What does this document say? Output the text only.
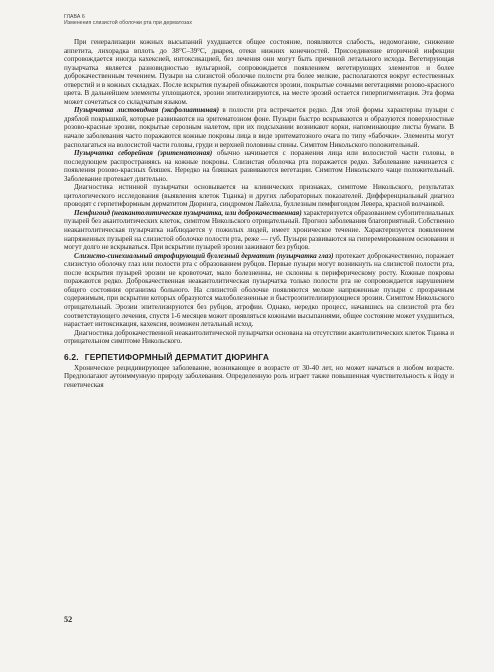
ГЛАВА 6
Изменения слизистой оболочки рта при дерматозах

При генерализации кожных высыпаний ухудшается общее состояние, появляются слабость, недомогание, снижение аппетита, лихорадка вплоть до 38°C–39°C, диарея, отеки нижних конечностей. Присоединение вторичной инфекции сопровождается иногда кахексией, интоксикацией, без лечения они могут быть причиной летального исхода. Вегетирующая пузырчатка является разновидностью вульгарной, сопровождается появлением вегетирующих элементов и более доброкачественным течением. Пузыри на слизистой оболочке полости рта более мелкие, располагаются вокруг естественных отверстий и в кожных складках. После вскрытия пузырей обнажаются эрозии, покрытые сочными вегетациями розово-красного цвета. В дальнейшем элементы уплощаются, эрозии эпителизируются, на месте эрозий остается гиперпигментация. Эта форма может сочетаться со складчатым языком.

Пузырчатка листовидная (эксфолиативная) в полости рта встречается редко. Для этой формы характерны пузыри с дряблой покрышкой, которые развиваются на эритематозном фоне. Пузыри быстро вскрываются и образуются поверхностные розово-красные эрозии, покрытые серозным налетом, при их подсыхании возникают корки, напоминающие листы бумаги. В начале заболевания часто поражаются кожные покровы лица в виде эритематозного очага по типу «бабочки». Элементы могут располагаться на волосистой части головы, груди и верхней половины спины. Симптом Никольского положительный.

Пузырчатка себорейная (эритематозная) обычно начинается с поражения лица или волосистой части головы, в последующем распространяясь на кожные покровы. Слизистая оболочка рта поражается редко. Заболевание начинается с появления розово-красных бляшек. Нередко на бляшках развиваются вегетации. Симптом Никольского чаще положительный. Заболевание протекает длительно.

Диагностика истинной пузырчатки основывается на клинических признаках, симптоме Никольского, результатах цитологического исследования (выявления клеток Тцанка) и других лабораторных показателей. Дифференциальный диагноз проводят с герпетиформным дерматитом Дюринга, синдромом Лайелла, буллезным пемфигоидом Левера, красной волчанкой.

Пемфигоид (неакантолитическая пузырчатка, или доброкачественная) характеризуется образованием субэпителиальных пузырей без акантолитических клеток, симптом Никольского отрицательный. Прогноз заболевания благоприятный. Собственно неакантолитическая пузырчатка наблюдается у пожилых людей, имеет хроническое течение. Характеризуется появлением напряженных пузырей на слизистой оболочке полости рта, реже — губ. Пузыри развиваются на гиперемированном основании и могут долго не вскрываться. При вскрытии пузырей эрозии заживают без рубцов.

Слизисто-синехиальный атрофирующий буллезный дерматит (пузырчатка глаз) протекает доброкачественно, поражает слизистую оболочку глаз или полости рта с образованием рубцов. Первые пузыри могут возникнуть на слизистой полости рта, после вскрытия пузырей эрозии не кровоточат, мало болезненны, не склонны к периферическому росту. Кожные покровы поражаются редко. Доброкачественная неакантолитическая пузырчатка только полости рта не сопровождается нарушением общего состояния организма больного. На слизистой оболочке появляются мелкие напряженные пузыри с прозрачным содержимым, при вскрытии которых образуются малоболезненные и быстроэпителизирующиеся эрозии. Симптом Никольского отрицательный. Эрозии эпителизируются без рубцов, атрофии. Однако, нередко процесс, начавшись на слизистой рта без соответствующего лечения, спустя 1-6 месяцев может проявляться кожными высыпаниями, общее состояние может ухудшиться, нарастает интоксикация, кахексия, возможен летальный исход.

Диагностика доброкачественной неакантолитической пузырчатки основана на отсутствии акантолитических клеток Тцанка и отрицательном симптоме Никольского.

6.2. ГЕРПЕТИФОРМНЫЙ ДЕРМАТИТ ДЮРИНГА

Хроническое рецидивирующее заболевание, возникающее в возрасте от 30-40 лет, но может начаться в любом возрасте. Предполагают аутоиммунную природу заболевания. Определенную роль играет также повышенная чувствительность к йоду и генетическая

52
